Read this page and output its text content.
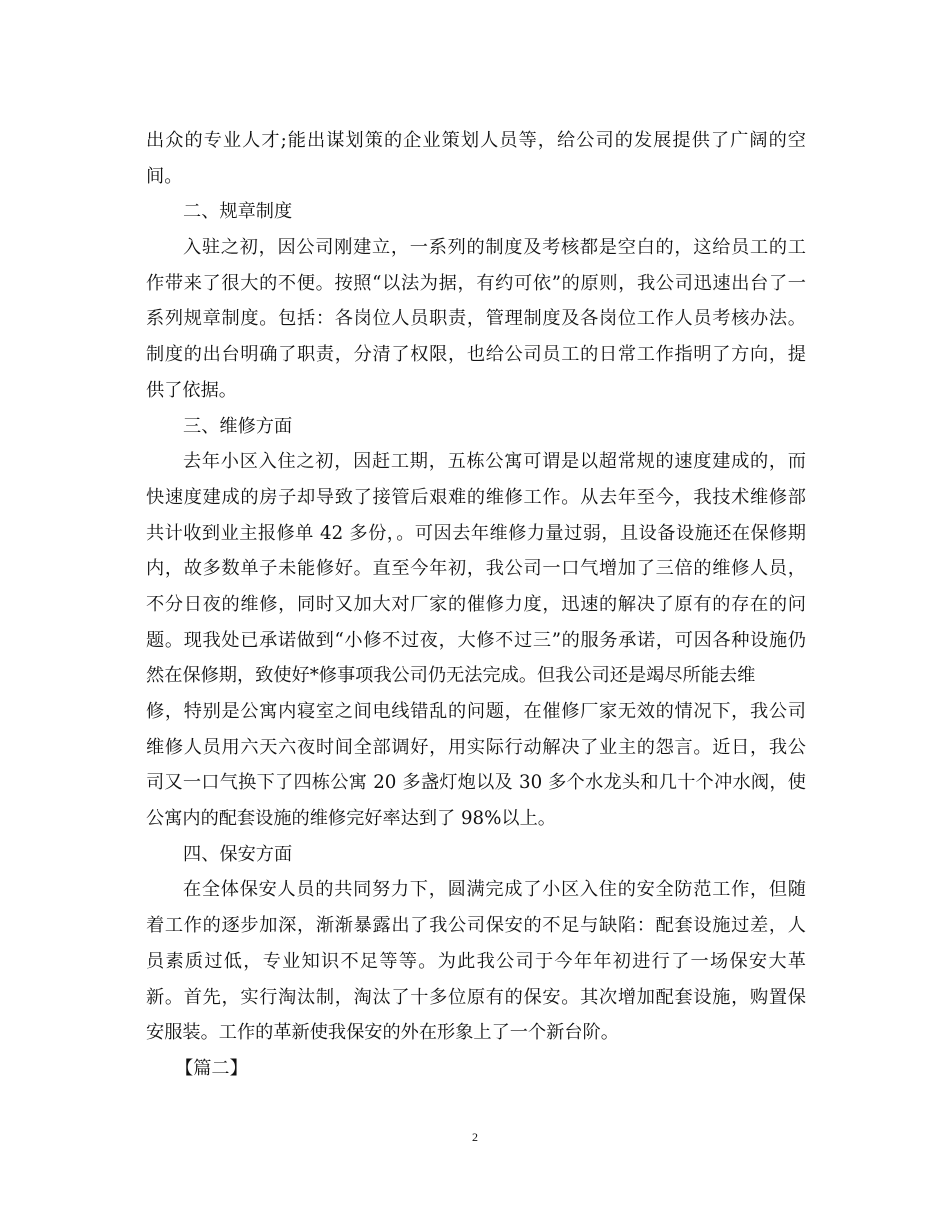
出众的专业人才;能出谋划策的企业策划人员等，给公司的发展提供了广阔的空
间。
二、规章制度
入驻之初，因公司刚建立，一系列的制度及考核都是空白的，这给员工的工
作带来了很大的不便。按照“以法为据，有约可依”的原则，我公司迅速出台了一
系列规章制度。包括：各岗位人员职责，管理制度及各岗位工作人员考核办法。
制度的出台明确了职责，分清了权限，也给公司员工的日常工作指明了方向，提
供了依据。
三、维修方面
去年小区入住之初，因赶工期，五栋公寓可谓是以超常规的速度建成的，而
快速度建成的房子却导致了接管后艰难的维修工作。从去年至今，我技术维修部
共计收到业主报修单 42 多份，。可因去年维修力量过弱，且设备设施还在保修期
内，故多数单子未能修好。直至今年初，我公司一口气增加了三倍的维修人员，
不分日夜的维修，同时又加大对厂家的催修力度，迅速的解决了原有的存在的问
题。现我处已承诺做到“小修不过夜，大修不过三”的服务承诺，可因各种设施仍
然在保修期，致使好*修事项我公司仍无法完成。但我公司还是竭尽所能去维
修，特别是公寓内寝室之间电线错乱的问题，在催修厂家无效的情况下，我公司
维修人员用六天六夜时间全部调好，用实际行动解决了业主的怨言。近日，我公
司又一口气换下了四栋公寓 20 多盏灯炮以及 30 多个水龙头和几十个冲水阀，使
公寓内的配套设施的维修完好率达到了 98%以上。
四、保安方面
在全体保安人员的共同努力下，圆满完成了小区入住的安全防范工作，但随
着工作的逐步加深，渐渐暴露出了我公司保安的不足与缺陷：配套设施过差，人
员素质过低，专业知识不足等等。为此我公司于今年年初进行了一场保安大革
新。首先，实行淘汰制，淘汰了十多位原有的保安。其次增加配套设施，购置保
安服装。工作的革新使我保安的外在形象上了一个新台阶。
【篇二】
2
